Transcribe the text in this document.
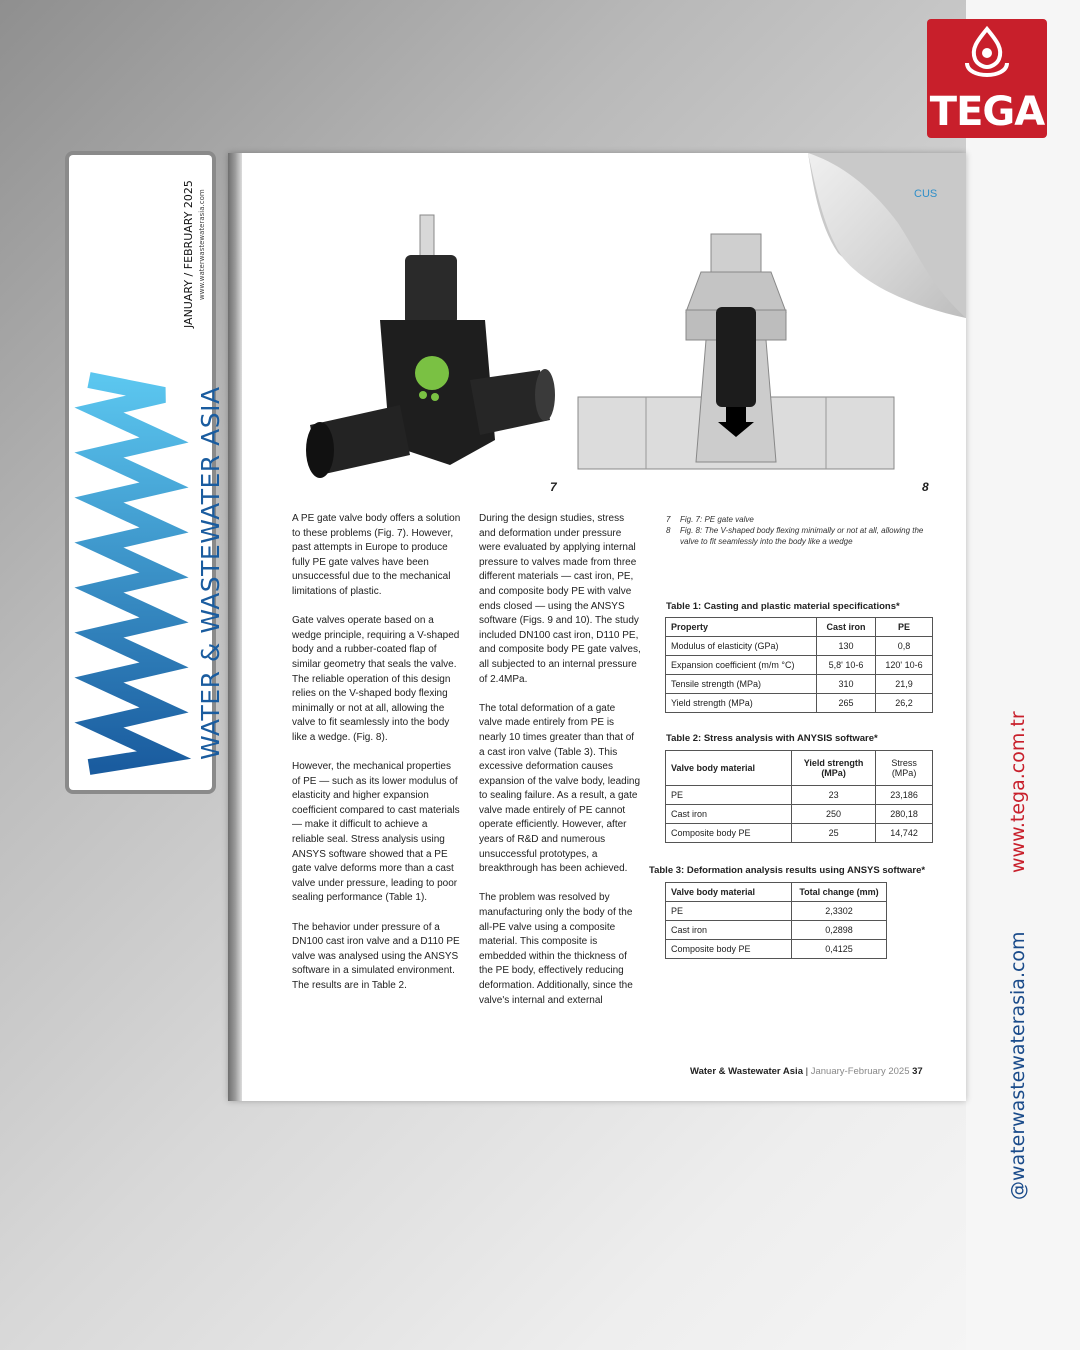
TEGA
www.tega.com.tr
@waterwastewaterasia.com
JANUARY / FEBRUARY 2025 www.waterwastewaterasia.com
WATER & WASTEWATER ASIA
CUS
7	8

A PE gate valve body offers a solution to these problems (Fig. 7). However, past attempts in Europe to produce fully PE gate valves have been unsuccessful due to the mechanical limitations of plastic.

Gate valves operate based on a wedge principle, requiring a V-shaped body and a rubber-coated flap of similar geometry that seals the valve. The reliable operation of this design relies on the V-shaped body flexing minimally or not at all, allowing the valve to fit seamlessly into the body like a wedge. (Fig. 8).

However, the mechanical properties of PE — such as its lower modulus of elasticity and higher expansion coefficient compared to cast materials — make it difficult to achieve a reliable seal. Stress analysis using ANSYS software showed that a PE gate valve deforms more than a cast valve under pressure, leading to poor sealing performance (Table 1).

The behavior under pressure of a DN100 cast iron valve and a D110 PE valve was analysed using the ANSYS software in a simulated environment. The results are in Table 2.

During the design studies, stress and deformation under pressure were evaluated by applying internal pressure to valves made from three different materials — cast iron, PE, and composite body PE with valve ends closed — using the ANSYS software (Figs. 9 and 10). The study included DN100 cast iron, D110 PE, and composite body PE gate valves, all subjected to an internal pressure of 2.4MPa.

The total deformation of a gate valve made entirely from PE is nearly 10 times greater than that of a cast iron valve (Table 3). This excessive deformation causes expansion of the valve body, leading to sealing failure. As a result, a gate valve made entirely of PE cannot operate efficiently. However, after years of R&D and numerous unsuccessful prototypes, a breakthrough has been achieved.

The problem was resolved by manufacturing only the body of the all-PE valve using a composite material. This composite is embedded within the thickness of the PE body, effectively reducing deformation. Additionally, since the valve's internal and external

7	Fig. 7: PE gate valve
8	Fig. 8: The V-shaped body flexing minimally or not at all, allowing the valve to fit seamlessly into the body like a wedge
Table 1: Casting and plastic material specifications*
Property	Cast iron	PE
Modulus of elasticity (GPa)	130	0,8
Expansion coefficient (m/m °C)	5,8' 10-6	120' 10-6
Tensile strength (MPa)	310	21,9
Yield strength (MPa)	265	26,2
Table 2: Stress analysis with ANYSIS software*
Valve body material	Yield strength (MPa)	Stress (MPa)
PE	23	23,186
Cast iron	250	280,18
Composite body PE	25	14,742
Table 3: Deformation analysis results using ANSYS software*
Valve body material	Total change (mm)
PE	2,3302
Cast iron	0,2898
Composite body PE	0,4125
Water & Wastewater Asia | January-February 2025 37
